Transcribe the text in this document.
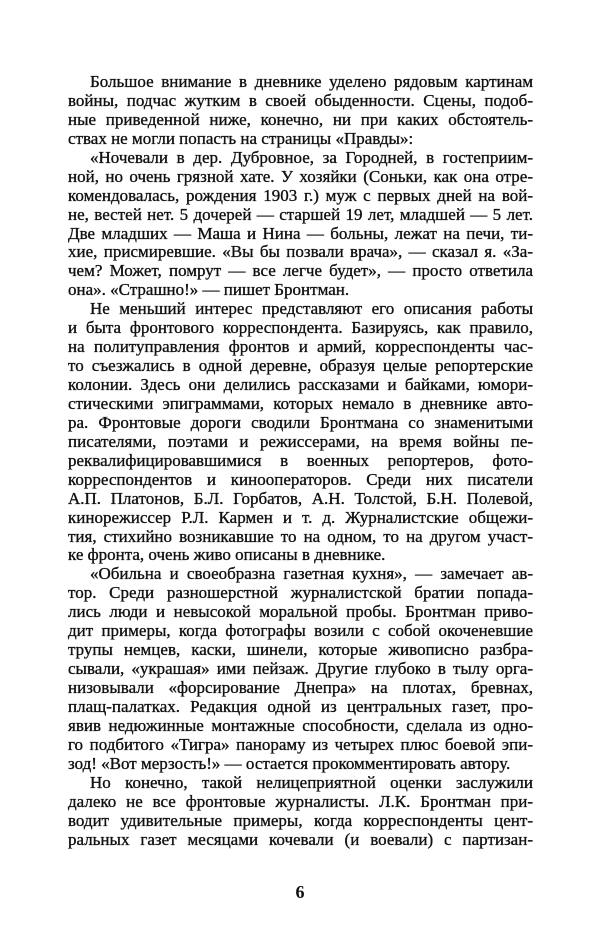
Большое внимание в дневнике уделено рядовым картинам
войны, подчас жутким в своей обыденности. Сцены, подоб-
ные приведенной ниже, конечно, ни при каких обстоятель-
ствах не могли попасть на страницы «Правды»:
«Ночевали в дер. Дубровное, за Городней, в гостеприим-
ной, но очень грязной хате. У хозяйки (Соньки, как она отре-
комендовалась, рождения 1903 г.) муж с первых дней на вой-
не, вестей нет. 5 дочерей — старшей 19 лет, младшей — 5 лет.
Две младших — Маша и Нина — больны, лежат на печи, ти-
хие, присмиревшие. «Вы бы позвали врача», — сказал я. «За-
чем? Может, помрут — все легче будет», — просто ответила
она». «Страшно!» — пишет Бронтман.
Не меньший интерес представляют его описания работы
и быта фронтового корреспондента. Базируясь, как правило,
на политуправления фронтов и армий, корреспонденты час-
то съезжались в одной деревне, образуя целые репортерские
колонии. Здесь они делились рассказами и байками, юмори-
стическими эпиграммами, которых немало в дневнике авто-
ра. Фронтовые дороги сводили Бронтмана со знаменитыми
писателями, поэтами и режиссерами, на время войны пе-
реквалифицировавшимися в военных репортеров, фото-
корреспондентов и кинооператоров. Среди них писатели
А.П. Платонов, Б.Л. Горбатов, А.Н. Толстой, Б.Н. Полевой,
кинорежиссер Р.Л. Кармен и т. д. Журналистские общежи-
тия, стихийно возникавшие то на одном, то на другом участ-
ке фронта, очень живо описаны в дневнике.
«Обильна и своеобразна газетная кухня», — замечает ав-
тор. Среди разношерстной журналистской братии попада-
лись люди и невысокой моральной пробы. Бронтман приво-
дит примеры, когда фотографы возили с собой окоченевшие
трупы немцев, каски, шинели, которые живописно разбра-
сывали, «украшая» ими пейзаж. Другие глубоко в тылу орга-
низовывали «форсирование Днепра» на плотах, бревнах,
плащ-палатках. Редакция одной из центральных газет, про-
явив недюжинные монтажные способности, сделала из одно-
го подбитого «Тигра» панораму из четырех плюс боевой эпи-
зод! «Вот мерзость!» — остается прокомментировать автору.
Но конечно, такой нелицеприятной оценки заслужили
далеко не все фронтовые журналисты. Л.К. Бронтман при-
водит удивительные примеры, когда корреспонденты цент-
ральных газет месяцами кочевали (и воевали) с партизан-
6
